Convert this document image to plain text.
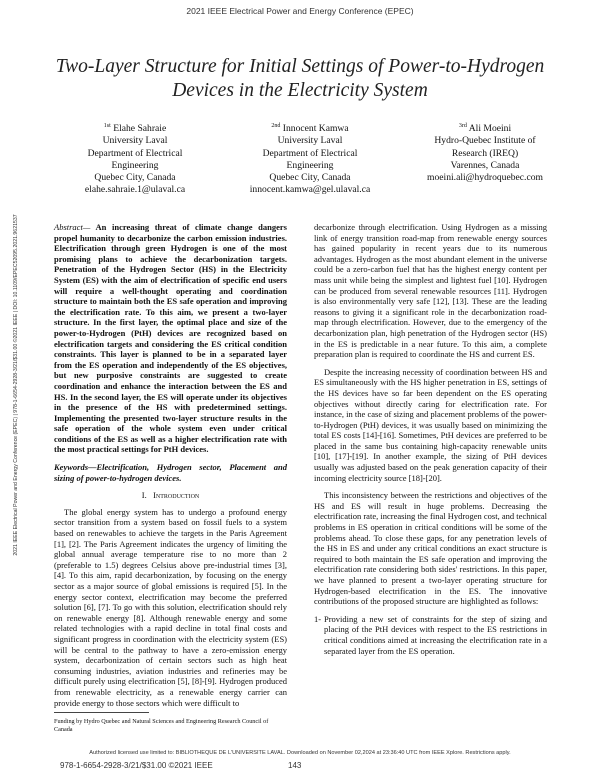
2021 IEEE Electrical Power and Energy Conference (EPEC)
Two-Layer Structure for Initial Settings of Power-to-Hydrogen Devices in the Electricity System
$^{1st}$ Elahe Sahraie
University Laval
Department of Electrical
Engineering
Quebec City, Canada
elahe.sahraie.1@ulaval.ca
$^{2nd}$ Innocent Kamwa
University Laval
Department of Electrical
Engineering
Quebec City, Canada
innocent.kamwa@gel.ulaval.ca
$^{3rd}$ Ali Moeini
Hydro-Quebec Institute of
Research (IREQ)
Varennes, Canada
moeini.ali@hydroquebec.com
2021 IEEE Electrical Power and Energy Conference (EPEC) | 978-1-6654-2928-3/21/$31.00 ©2021 IEEE | DOI: 10.1109/EPEC52095.2021.9621537	Abstract— An increasing threat of climate change dangers propel humanity to decarbonize the carbon emission industries. Electrification through green Hydrogen is one of the most promising plans to achieve the decarbonization targets. Penetration of the Hydrogen Sector (HS) in the Electricity System (ES) with the aim of electrification of specific end users will require a well-thought operating and coordination structure to maintain both the ES safe operation and improving the electrification rate. To this aim, we present a two-layer structure. In the first layer, the optimal place and size of the power-to-Hydrogen (PtH) devices are recognized based on electrification targets and considering the ES critical condition constraints. This layer is planned to be in a separated layer from the ES operation and independently of the ES objectives, but new purposive constraints are suggested to create coordination and enhance the interaction between the ES and HS. In the second layer, the ES will operate under its objectives in the presence of the HS with predetermined settings. Implementing the presented two-layer structure results in the safe operation of the whole system even under critical conditions of the ES as well as a higher electrification rate with the most practical settings for PtH devices.

Keywords—Electrification, Hydrogen sector, Placement and sizing of power-to-hydrogen devices.

I. Introduction

The global energy system has to undergo a profound energy sector transition from a system based on fossil fuels to a system based on renewables to achieve the targets in the Paris Agreement [1], [2]. The Paris Agreement indicates the urgency of limiting the global annual average temperature rise to no more than 2 (preferable to 1.5) degrees Celsius above pre-industrial times [3], [4]. To this aim, rapid decarbonization, by focusing on the energy sector as a major source of global emissions is required [5]. In the energy sector context, electrification may become the preferred solution [6], [7]. To go with this solution, electrification should rely on renewable energy [8]. Although renewable energy and some related technologies with a rapid decline in total final costs and significant progress in coordination with the electricity system (ES) will be central to the pathway to have a zero-emission energy system, decarbonization of certain sectors such as high heat consuming industries, aviation industries and refineries may be difficult purely using electrification [5], [8]-[9]. Hydrogen produced from renewable electricity, as a renewable energy carrier can provide energy to those sectors which were difficult to

decarbonize through electrification. Using Hydrogen as a missing link of energy transition road-map from renewable energy sources has gained popularity in recent years due to its numerous advantages. Hydrogen as the most abundant element in the universe could be a zero-carbon fuel that has the highest energy content per mass unit while being the simplest and lightest fuel [10]. Hydrogen can be produced from several renewable resources [11]. Hydrogen is also environmentally very safe [12], [13]. These are the leading reasons to giving it a significant role in the decarbonization road-map through electrification. However, due to the emergency of the decarbonization plan, high penetration of the Hydrogen sector (HS) in the ES is predictable in a near future. To this aim, a complete preparation plan is required to coordinate the HS and current ES.

Despite the increasing necessity of coordination between HS and ES simultaneously with the HS higher penetration in ES, settings of the HS devices have so far been dependent on the ES operating objectives without directly caring for electrification rate. For instance, in the case of sizing and placement problems of the power-to-Hydrogen (PtH) devices, it was usually based on minimizing the total ES costs [14]-[16]. Sometimes, PtH devices are preferred to be placed in the same bus containing high-capacity renewable units [10], [17]-[19]. In another example, the sizing of PtH devices usually was adjusted based on the peak generation capacity of their incoming electricity source [18]-[20].

This inconsistency between the restrictions and objectives of the HS and ES will result in huge problems. Decreasing the electrification rate, increasing the final Hydrogen cost, and technical problems in ES operation in critical conditions will be some of the problems ahead. To close these gaps, for any penetration levels of the HS in ES and under any critical conditions an exact structure is required to both maintain the ES safe operation and improving the electrification rate considering both sides' restrictions. In this paper, we have planned to present a two-layer operating structure for Hydrogen-based electrification in the ES. The innovative contributions of the proposed structure are highlighted as follows:

1- Providing a new set of constraints for the step of sizing and placing of the PtH devices with respect to the ES restrictions in critical conditions aimed at increasing the electrification rate in a separated layer from the ES operation.
Funding by Hydro Quebec and Natural Sciences and Engineering Research Council of Canada
Authorized licensed use limited to: BIBLIOTHEQUE DE L'UNIVERSITE LAVAL. Downloaded on November 02,2024 at 23:36:40 UTC from IEEE Xplore. Restrictions apply.
978-1-6654-2928-3/21/$31.00 ©2021 IEEE	143
